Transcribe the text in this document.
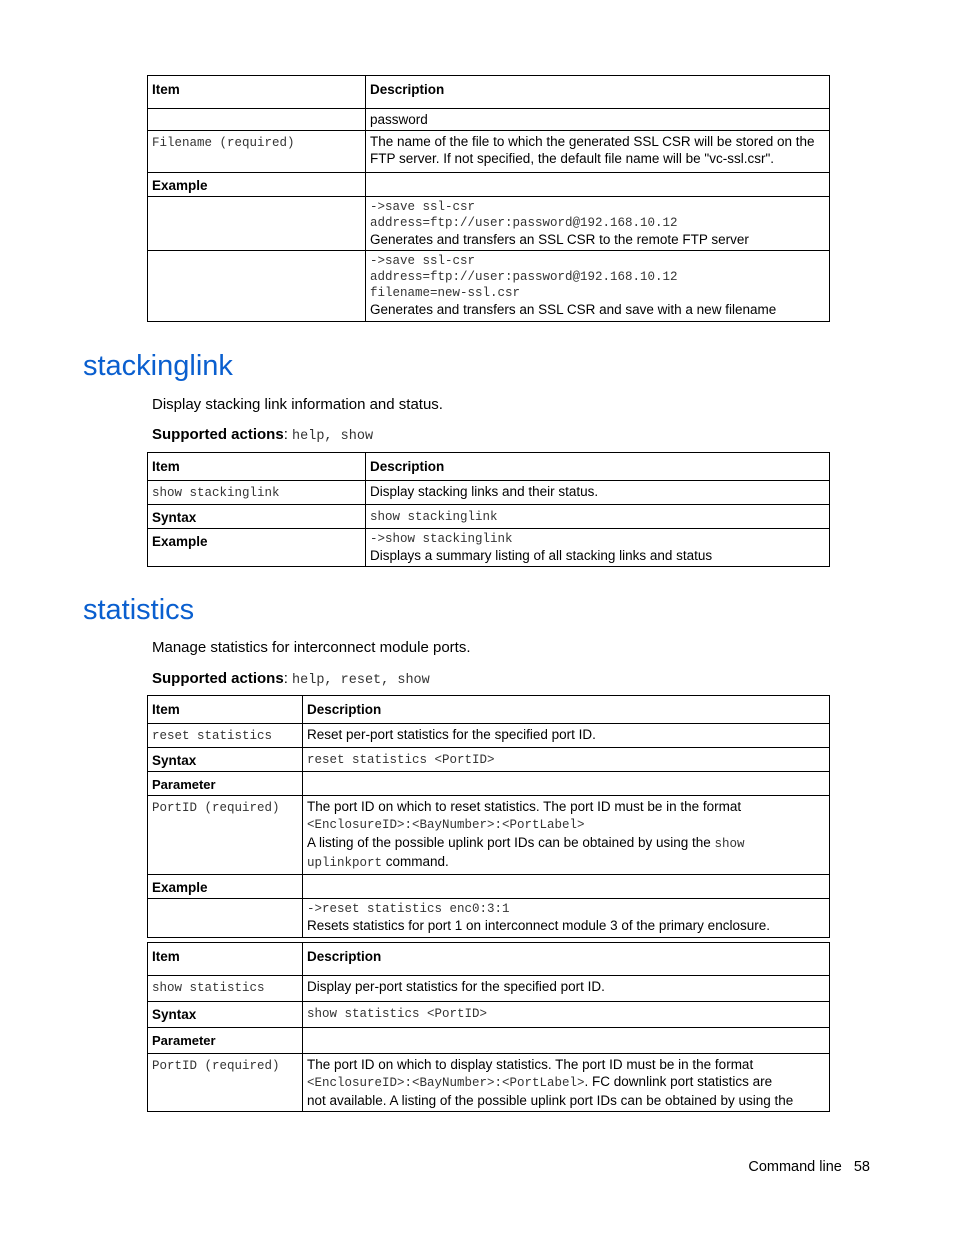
Item	Description
	password
Filename (required)	The name of the file to which the generated SSL CSR will be stored on the FTP server. If not specified, the default file name will be "vc-ssl.csr".
Example	

	->save ssl-csr
address=ftp://user:password@192.168.10.12
Generates and transfers an SSL CSR to the remote FTP server

	->save ssl-csr
address=ftp://user:password@192.168.10.12
filename=new-ssl.csr
Generates and transfers an SSL CSR and save with a new filename
stackinglink

Display stacking link information and status.

Supported actions: help, show

Item	Description
show stackinglink	Display stacking links and their status.
Syntax	show stackinglink
Example	->show stackinglink
Displays a summary listing of all stacking links and status
statistics

Manage statistics for interconnect module ports.

Supported actions: help, reset, show

Item	Description
reset statistics	Reset per-port statistics for the specified port ID.
Syntax	reset statistics <PortID>
Parameter	
PortID (required)	The port ID on which to reset statistics. The port ID must be in the format
<EnclosureID>:<BayNumber>:<PortLabel>
A listing of the possible uplink port IDs can be obtained by using the show
uplinkport command.
Example	

	->reset statistics enc0:3:1
Resets statistics for port 1 on interconnect module 3 of the primary enclosure.
Item	Description
show statistics	Display per-port statistics for the specified port ID.
Syntax	show statistics <PortID>
Parameter	
PortID (required)	The port ID on which to display statistics. The port ID must be in the format
<EnclosureID>:<BayNumber>:<PortLabel>. FC downlink port statistics are
not available. A listing of the possible uplink port IDs can be obtained by using the
Command line 58
